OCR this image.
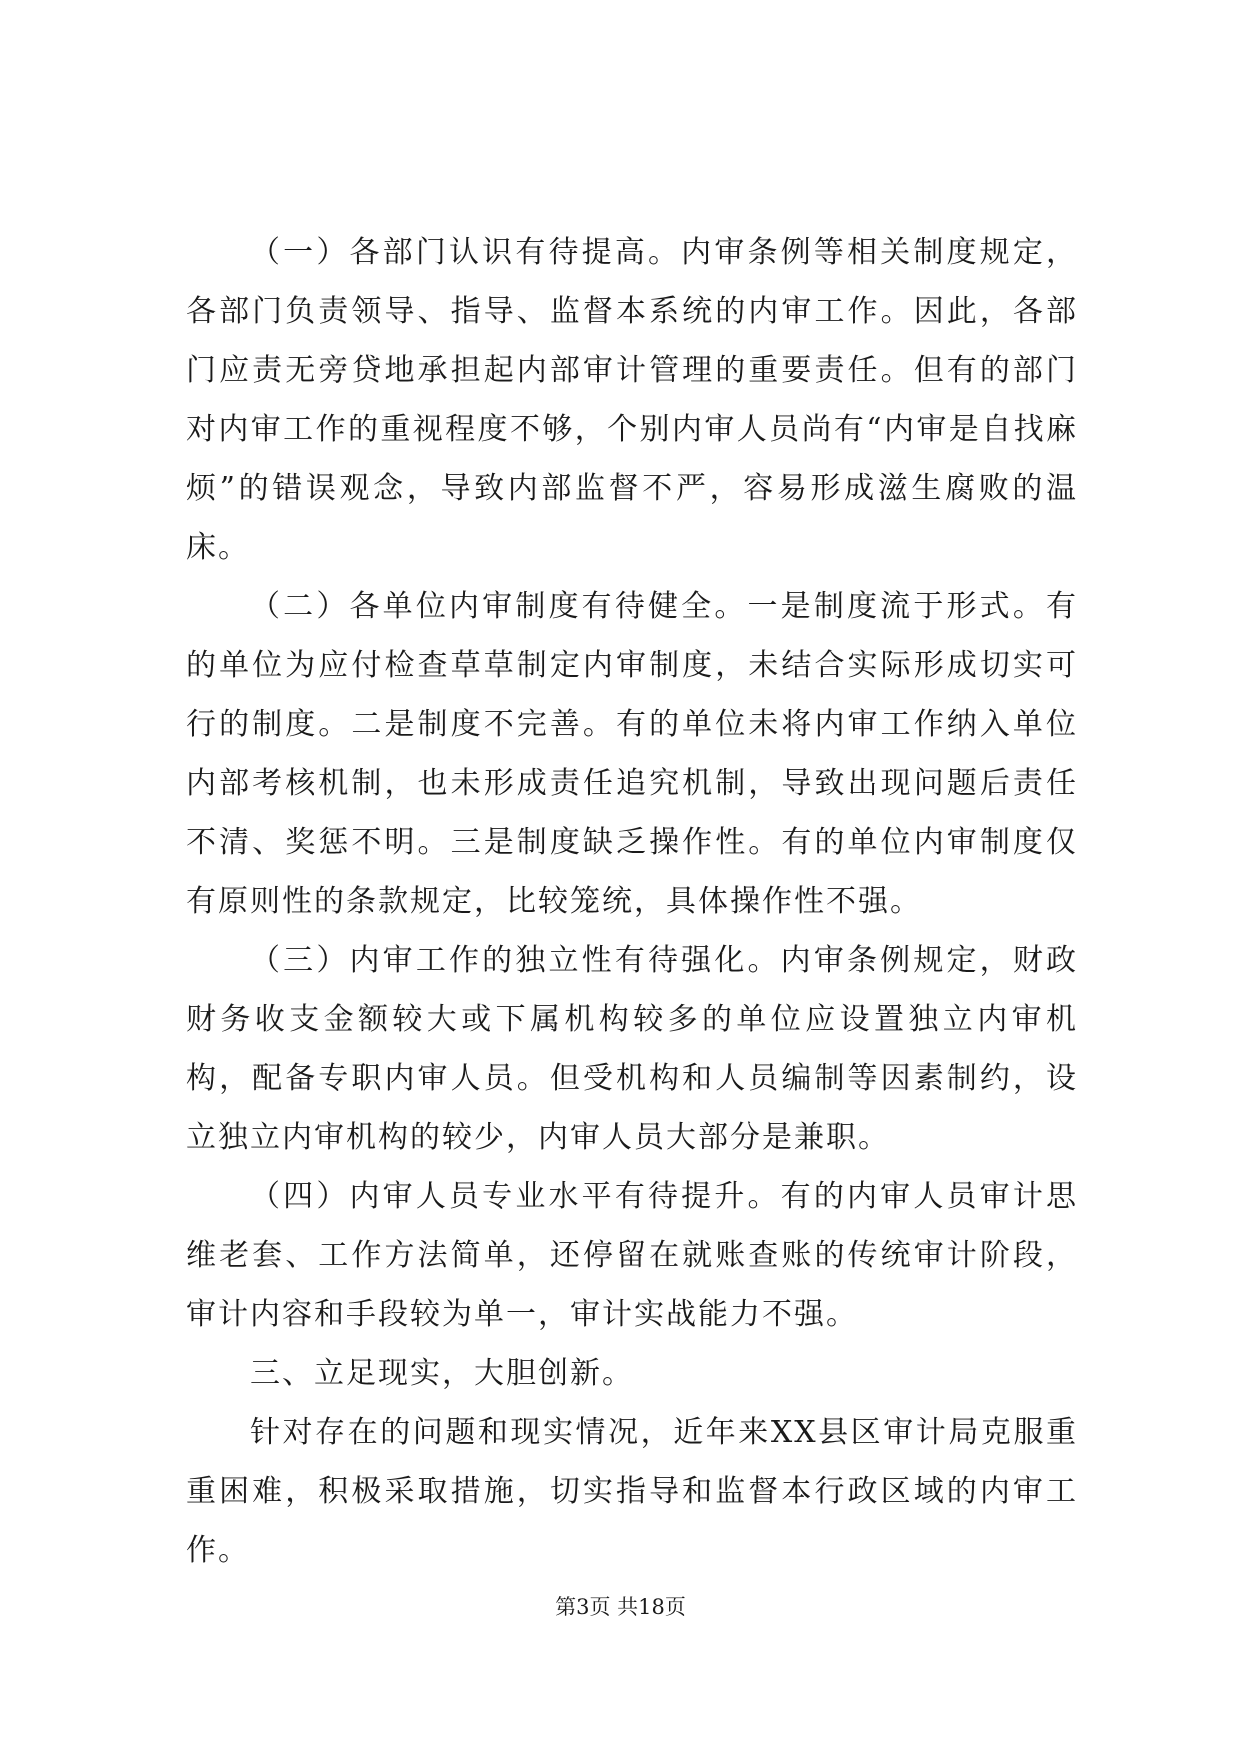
（一）各部门认识有待提高。内审条例等相关制度规定，各部门负责领导、指导、监督本系统的内审工作。因此，各部门应责无旁贷地承担起内部审计管理的重要责任。但有的部门对内审工作的重视程度不够，个别内审人员尚有“内审是自找麻烦”的错误观念，导致内部监督不严，容易形成滋生腐败的温床。

（二）各单位内审制度有待健全。一是制度流于形式。有的单位为应付检查草草制定内审制度，未结合实际形成切实可行的制度。二是制度不完善。有的单位未将内审工作纳入单位内部考核机制，也未形成责任追究机制，导致出现问题后责任不清、奖惩不明。三是制度缺乏操作性。有的单位内审制度仅有原则性的条款规定，比较笼统，具体操作性不强。

（三）内审工作的独立性有待强化。内审条例规定，财政财务收支金额较大或下属机构较多的单位应设置独立内审机构，配备专职内审人员。但受机构和人员编制等因素制约，设立独立内审机构的较少，内审人员大部分是兼职。

（四）内审人员专业水平有待提升。有的内审人员审计思维老套、工作方法简单，还停留在就账查账的传统审计阶段，审计内容和手段较为单一，审计实战能力不强。

三、立足现实，大胆创新。

针对存在的问题和现实情况，近年来XX县区审计局克服重重困难，积极采取措施，切实指导和监督本行政区域的内审工作。

第3页 共18页
